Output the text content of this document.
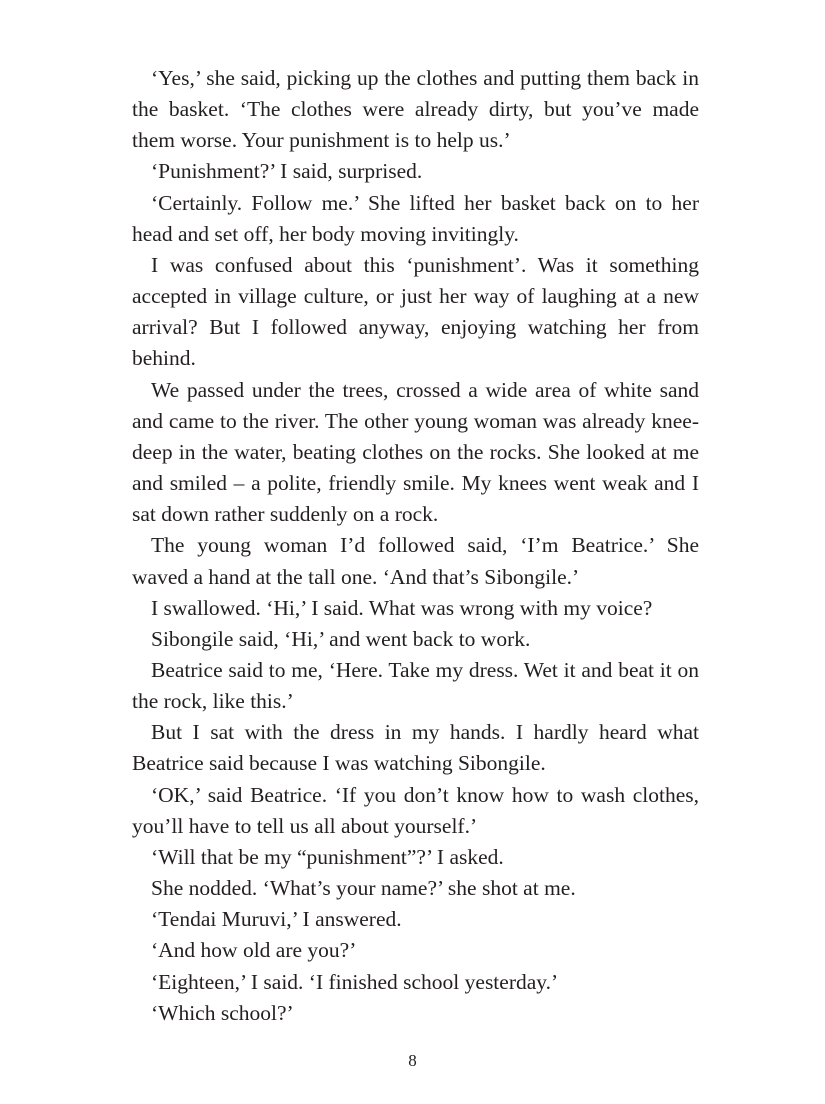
‘Yes,’ she said, picking up the clothes and putting them back in the basket. ‘The clothes were already dirty, but you’ve made them worse. Your punishment is to help us.’

‘Punishment?’ I said, surprised.

‘Certainly. Follow me.’ She lifted her basket back on to her head and set off, her body moving invitingly.

I was confused about this ‘punishment’. Was it something accepted in village culture, or just her way of laughing at a new arrival? But I followed anyway, enjoying watching her from behind.

We passed under the trees, crossed a wide area of white sand and came to the river. The other young woman was already knee-deep in the water, beating clothes on the rocks. She looked at me and smiled – a polite, friendly smile. My knees went weak and I sat down rather suddenly on a rock.

The young woman I’d followed said, ‘I’m Beatrice.’ She waved a hand at the tall one. ‘And that’s Sibongile.’

I swallowed. ‘Hi,’ I said. What was wrong with my voice?

Sibongile said, ‘Hi,’ and went back to work.

Beatrice said to me, ‘Here. Take my dress. Wet it and beat it on the rock, like this.’

But I sat with the dress in my hands. I hardly heard what Beatrice said because I was watching Sibongile.

‘OK,’ said Beatrice. ‘If you don’t know how to wash clothes, you’ll have to tell us all about yourself.’

‘Will that be my “punishment”?’ I asked.

She nodded. ‘What’s your name?’ she shot at me.

‘Tendai Muruvi,’ I answered.

‘And how old are you?’

‘Eighteen,’ I said. ‘I finished school yesterday.’

‘Which school?’

8
